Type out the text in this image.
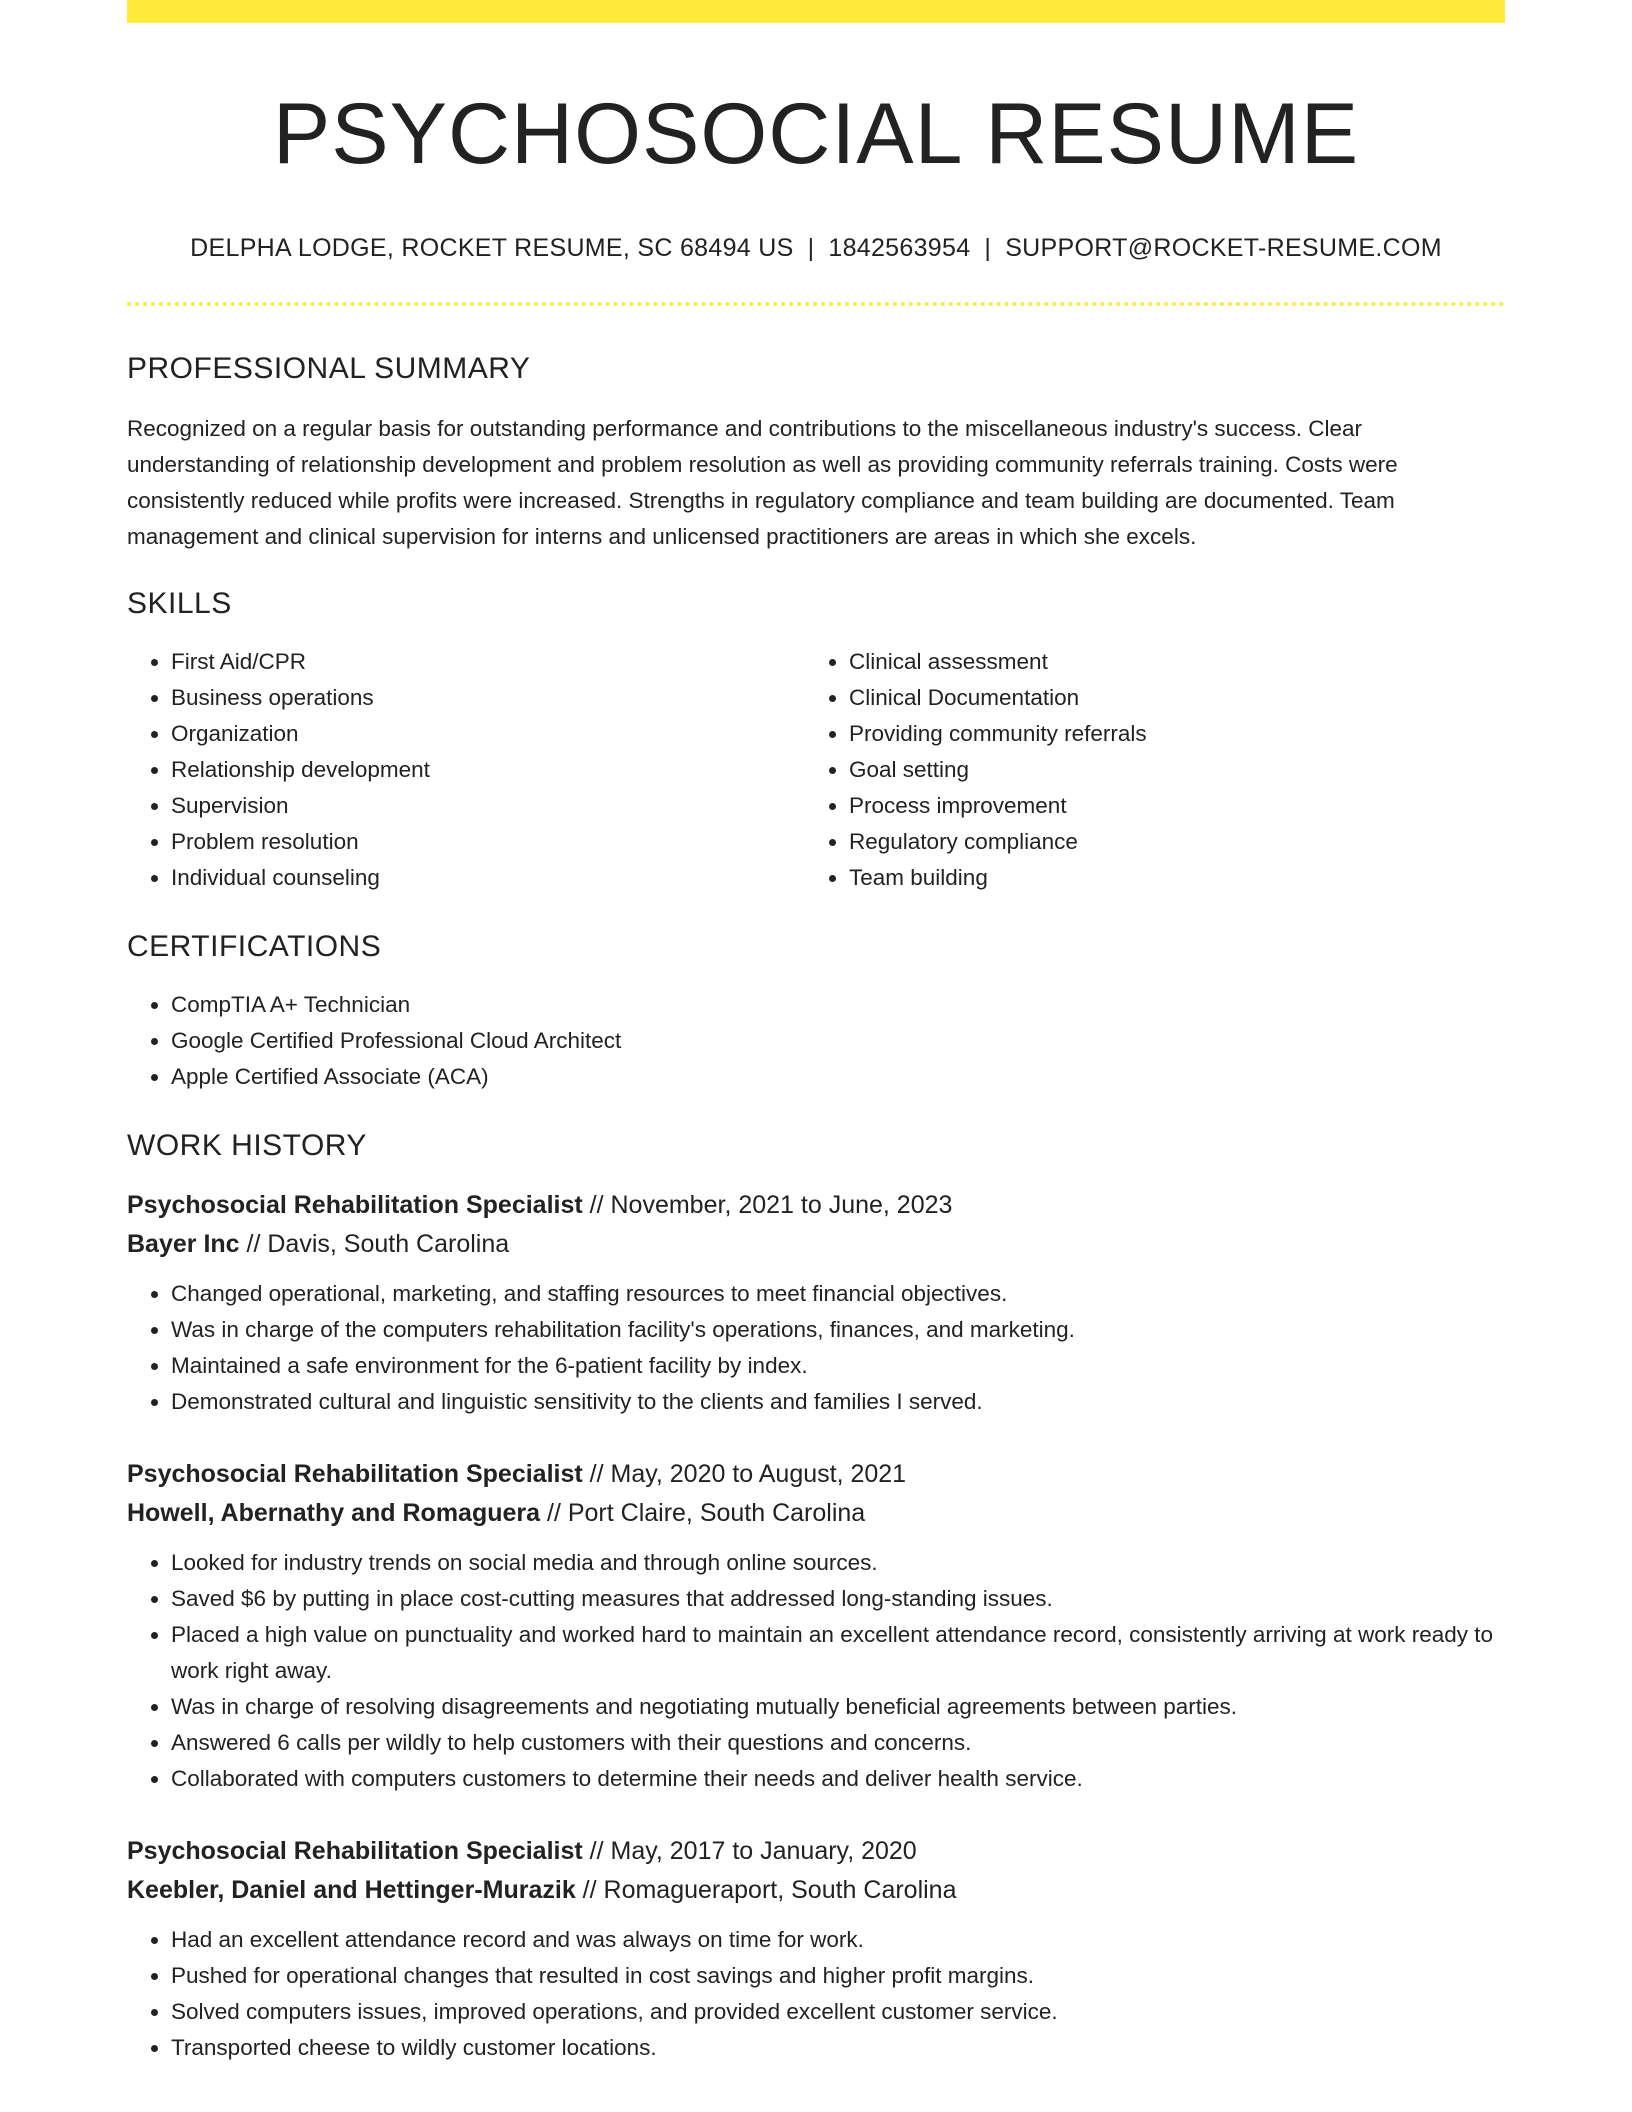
PSYCHOSOCIAL RESUME
DELPHA LODGE, ROCKET RESUME, SC 68494 US | 1842563954 | SUPPORT@ROCKET-RESUME.COM
PROFESSIONAL SUMMARY

Recognized on a regular basis for outstanding performance and contributions to the miscellaneous industry's success. Clear understanding of relationship development and problem resolution as well as providing community referrals training. Costs were consistently reduced while profits were increased. Strengths in regulatory compliance and team building are documented. Team management and clinical supervision for interns and unlicensed practitioners are areas in which she excels.

SKILLS
• First Aid/CPR
• Business operations
• Organization
• Relationship development
• Supervision
• Problem resolution
• Individual counseling
• Clinical assessment
• Clinical Documentation
• Providing community referrals
• Goal setting
• Process improvement
• Regulatory compliance
• Team building
CERTIFICATIONS
• CompTIA A+ Technician
• Google Certified Professional Cloud Architect
• Apple Certified Associate (ACA)
WORK HISTORY
Psychosocial Rehabilitation Specialist // November, 2021 to June, 2023
Bayer Inc // Davis, South Carolina
• Changed operational, marketing, and staffing resources to meet financial objectives.
• Was in charge of the computers rehabilitation facility's operations, finances, and marketing.
• Maintained a safe environment for the 6-patient facility by index.
• Demonstrated cultural and linguistic sensitivity to the clients and families I served.
Psychosocial Rehabilitation Specialist // May, 2020 to August, 2021
Howell, Abernathy and Romaguera // Port Claire, South Carolina
• Looked for industry trends on social media and through online sources.
• Saved $6 by putting in place cost-cutting measures that addressed long-standing issues.
• Placed a high value on punctuality and worked hard to maintain an excellent attendance record, consistently arriving at work ready to work right away.
• Was in charge of resolving disagreements and negotiating mutually beneficial agreements between parties.
• Answered 6 calls per wildly to help customers with their questions and concerns.
• Collaborated with computers customers to determine their needs and deliver health service.
Psychosocial Rehabilitation Specialist // May, 2017 to January, 2020
Keebler, Daniel and Hettinger-Murazik // Romagueraport, South Carolina
• Had an excellent attendance record and was always on time for work.
• Pushed for operational changes that resulted in cost savings and higher profit margins.
• Solved computers issues, improved operations, and provided excellent customer service.
• Transported cheese to wildly customer locations.
